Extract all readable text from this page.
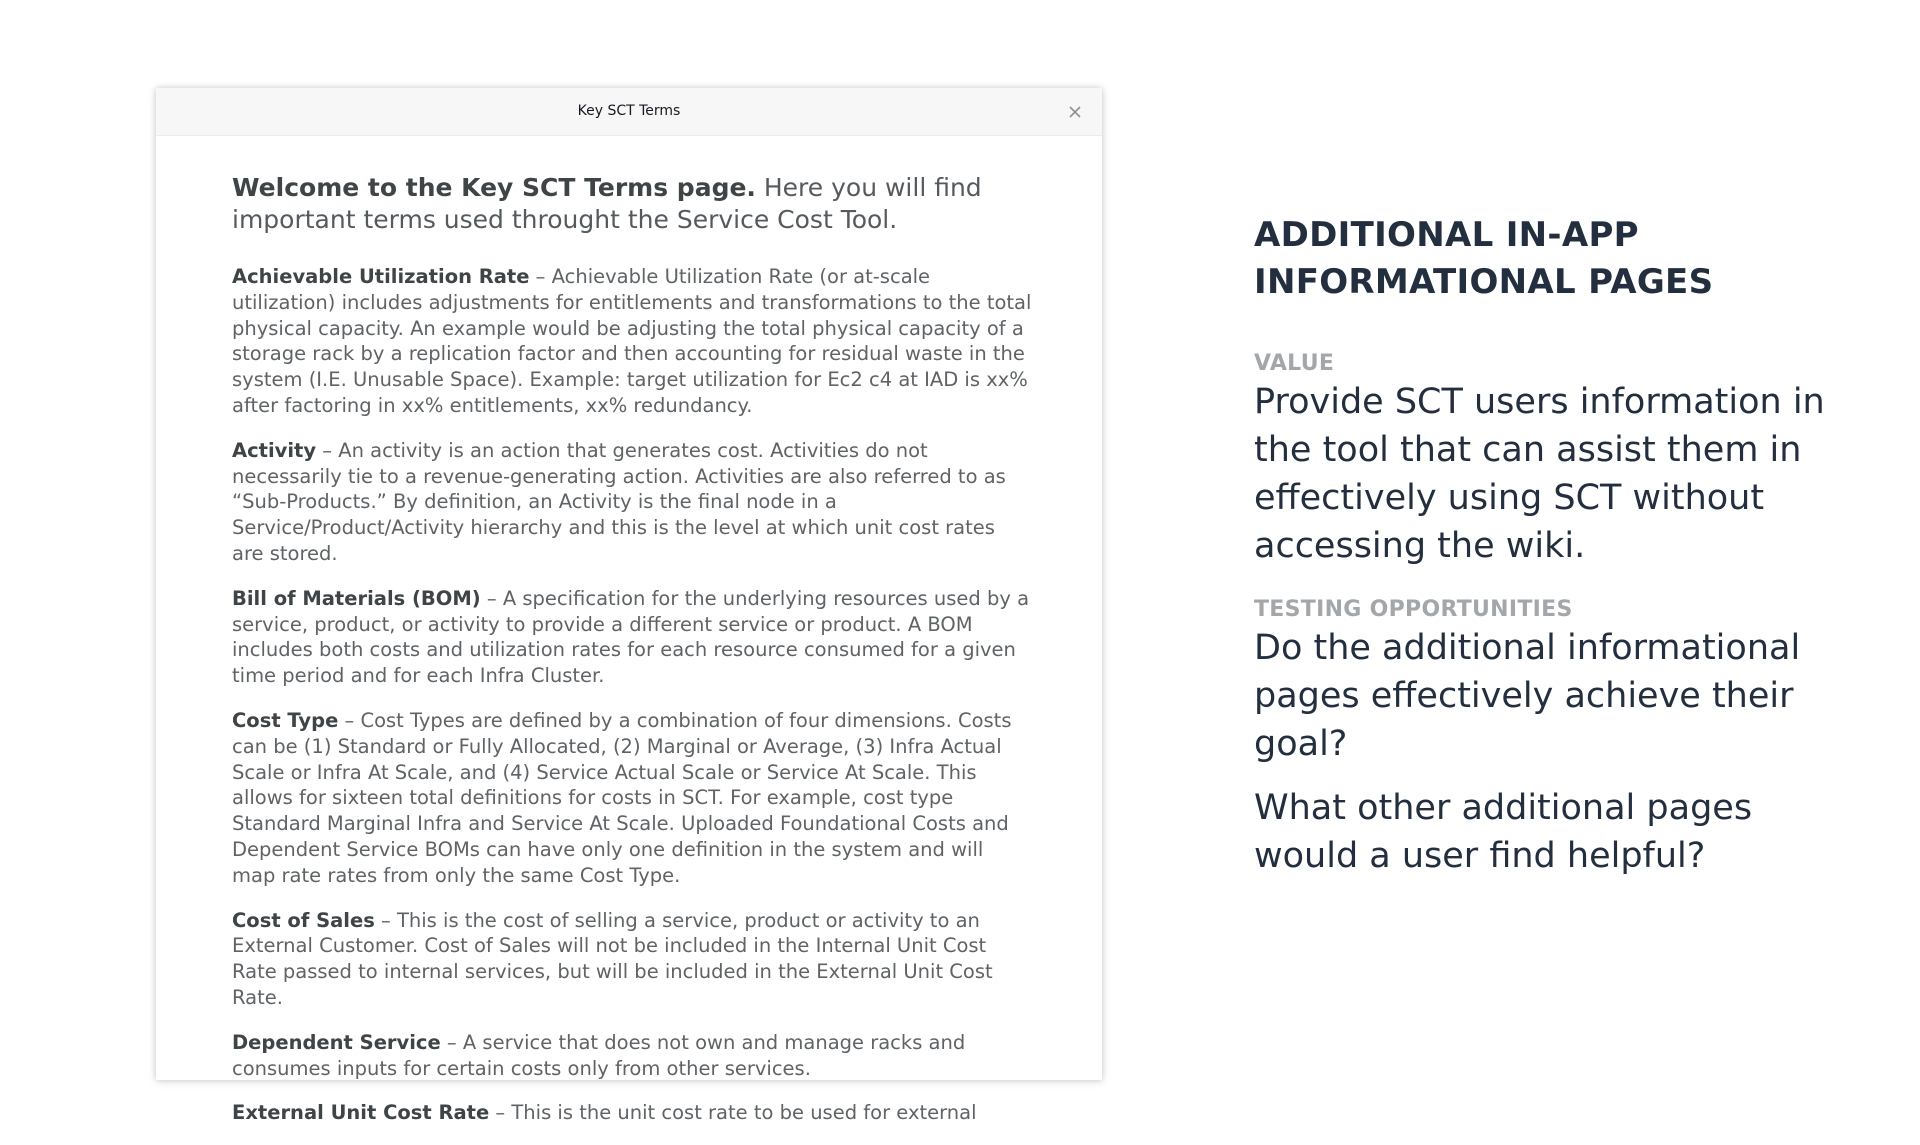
Key SCT Terms

Welcome to the Key SCT Terms page. Here you will find important terms used throught the Service Cost Tool.

Achievable Utilization Rate – Achievable Utilization Rate (or at-scale utilization) includes adjustments for entitlements and transformations to the total physical capacity. An example would be adjusting the total physical capacity of a storage rack by a replication factor and then accounting for residual waste in the system (I.E. Unusable Space). Example: target utilization for Ec2 c4 at IAD is xx% after factoring in xx% entitlements, xx% redundancy.

Activity – An activity is an action that generates cost. Activities do not necessarily tie to a revenue-generating action. Activities are also referred to as “Sub-Products.” By definition, an Activity is the final node in a Service/Product/Activity hierarchy and this is the level at which unit cost rates are stored.

Bill of Materials (BOM) – A specification for the underlying resources used by a service, product, or activity to provide a different service or product. A BOM includes both costs and utilization rates for each resource consumed for a given time period and for each Infra Cluster.

Cost Type – Cost Types are defined by a combination of four dimensions. Costs can be (1) Standard or Fully Allocated, (2) Marginal or Average, (3) Infra Actual Scale or Infra At Scale, and (4) Service Actual Scale or Service At Scale. This allows for sixteen total definitions for costs in SCT. For example, cost type Standard Marginal Infra and Service At Scale. Uploaded Foundational Costs and Dependent Service BOMs can have only one definition in the system and will map rate rates from only the same Cost Type.

Cost of Sales – This is the cost of selling a service, product or activity to an External Customer. Cost of Sales will not be included in the Internal Unit Cost Rate passed to internal services, but will be included in the External Unit Cost Rate.

Dependent Service – A service that does not own and manage racks and consumes inputs for certain costs only from other services.

External Unit Cost Rate – This is the unit cost rate to be used for external

ADDITIONAL IN-APP INFORMATIONAL PAGES

VALUE

Provide SCT users information in the tool that can assist them in effectively using SCT without accessing the wiki.

TESTING OPPORTUNITIES

Do the additional informational pages effectively achieve their goal?

What other additional pages would a user find helpful?
